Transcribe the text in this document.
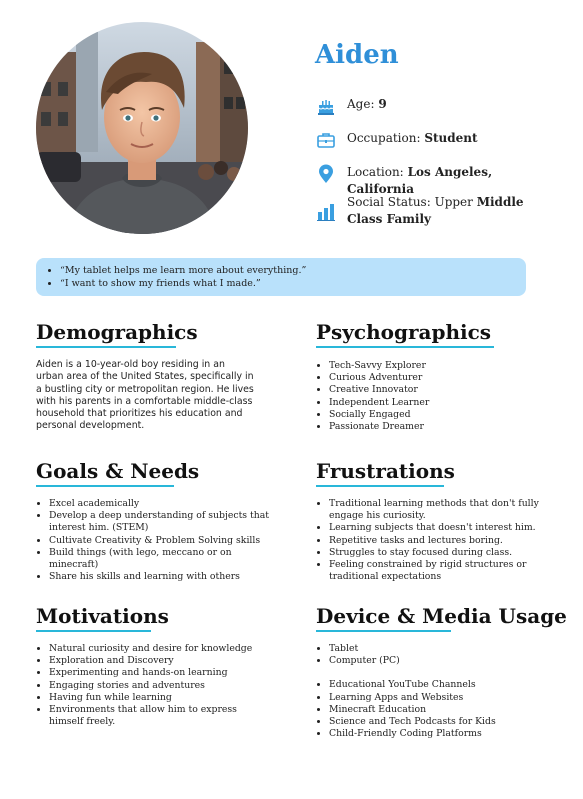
Aiden
Age: 9
Occupation: Student
Location: Los Angeles, California
Social Status: Upper Middle Class Family
• “My tablet helps me learn more about everything.”
• “I want to show my friends what I made.”
Demographics

Aiden is a 10-year-old boy residing in an urban area of the United States, specifically in a bustling city or metropolitan region. He lives with his parents in a comfortable middle-class household that prioritizes his education and personal development.

Psychographics
• Tech-Savvy Explorer
• Curious Adventurer
• Creative Innovator
• Independent Learner
• Socially Engaged
• Passionate Dreamer
Goals & Needs
• Excel academically
• Develop a deep understanding of subjects that interest him. (STEM)
• Cultivate Creativity & Problem Solving skills
• Build things (with lego, meccano or on minecraft)
• Share his skills and learning with others
Frustrations
• Traditional learning methods that don't fully engage his curiosity.
• Learning subjects that doesn't interest him.
• Repetitive tasks and lectures boring.
• Struggles to stay focused during class.
• Feeling constrained by rigid structures or traditional expectations
Motivations
• Natural curiosity and desire for knowledge
• Exploration and Discovery
• Experimenting and hands-on learning
• Engaging stories and adventures
• Having fun while learning
• Environments that allow him to express himself freely.
Device & Media Usage
• Tablet
• Computer (PC)
• Educational YouTube Channels
• Learning Apps and Websites
• Minecraft Education
• Science and Tech Podcasts for Kids
• Child-Friendly Coding Platforms
